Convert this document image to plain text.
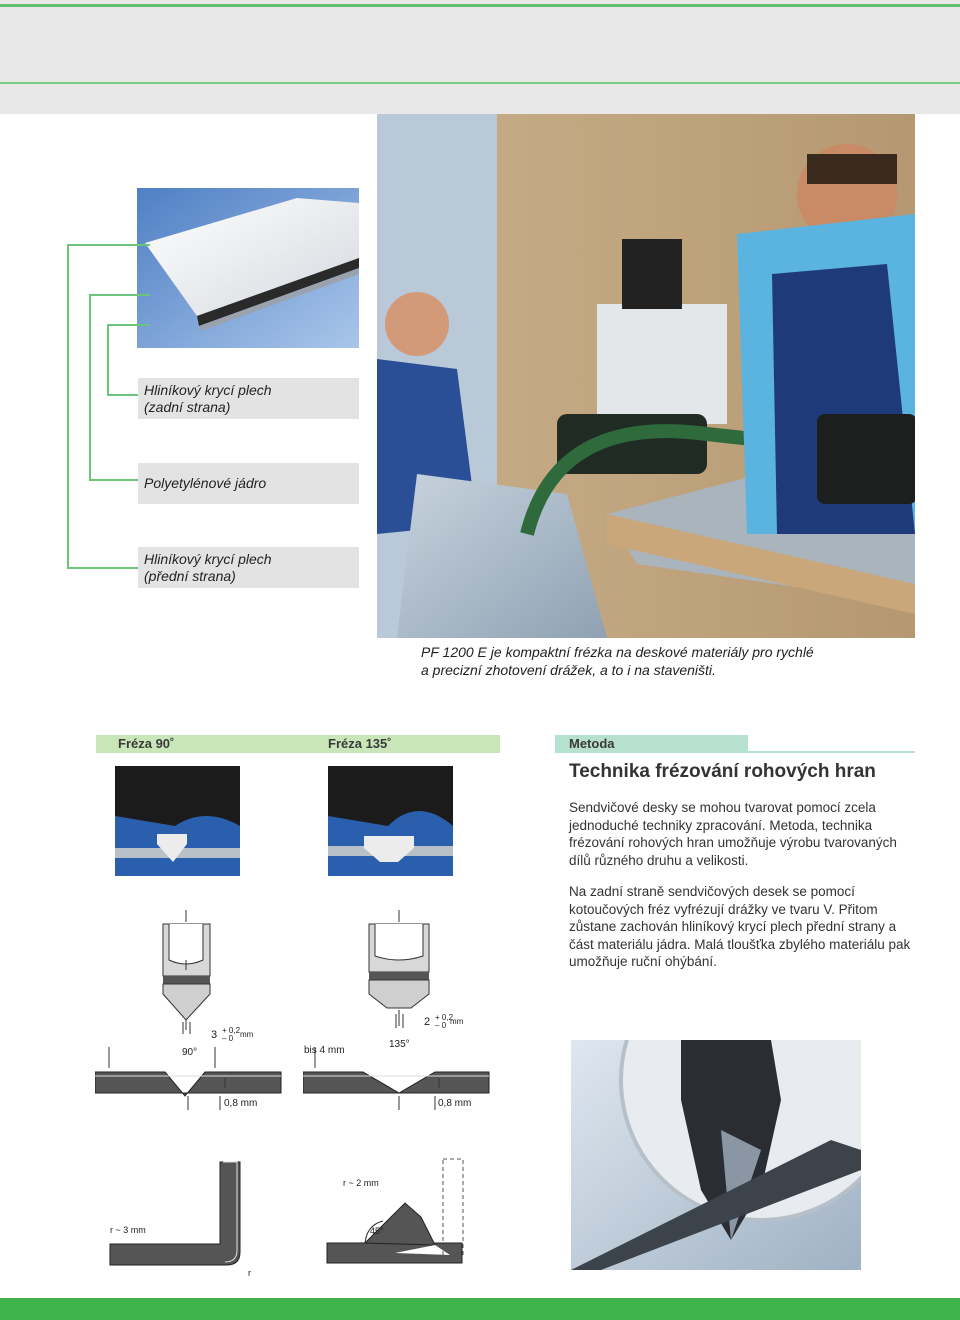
Hliníkový krycí plech
(zadní strana)
Polyetylénové jádro
Hliníkový krycí plech
(přední strana)
PF 1200 E je kompaktní frézka na deskové materiály pro rychlé
a precizní zhotovení drážek, a to i na staveništi.
Fréza 90˚	Fréza 135˚	Metoda
Technika frézování rohových hran
Sendvičové desky se mohou tvarovat pomocí zcela jednoduché techniky zpracování. Metoda, technika frézování rohových hran umožňuje výrobu tvarovaných dílů různého druhu a velikosti.
Na zadní straně sendvičových desek se pomocí kotoučových fréz vyfrézují drážky ve tvaru V. Přitom zůstane zachován hliníkový krycí plech přední strany a část materiálu jádra. Malá tloušťka zbylého materiálu pak umožňuje ruční ohýbání.
3 + 0,2
– 0 mm
90°
0,8 mm
2 + 0,2
– 0 mm
135°
bis 4 mm
0,8 mm
r ~ 3 mm
r
r ~ 2 mm
45°
